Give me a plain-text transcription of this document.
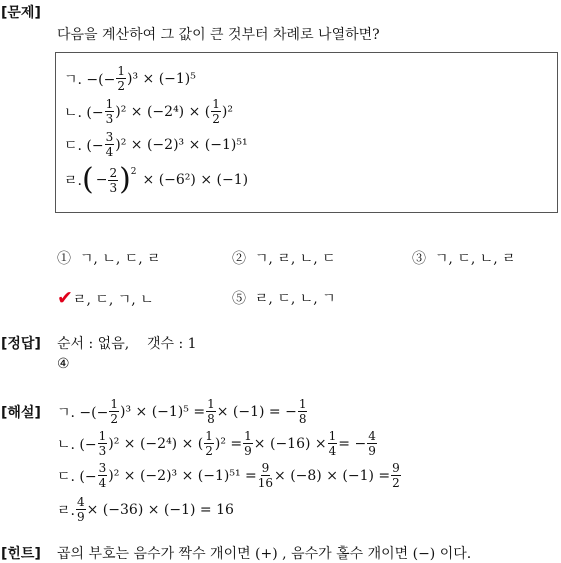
[문제]
다음을 계산하여 그 값이 큰 것부터 차례로 나열하면?
ㄱ. −(− $\frac{1}{2} )^3 \times (-1)^5$
ㄴ. (− $\frac{1}{3} )^2 \times (-2^4)$ × ( $\frac{1}{2} )^2$
ㄷ. (− $\frac{3}{4} )^2 \times (-2)^3 \times (-1)^{51}$
ㄹ. ( − $\frac{2}{3} )^2 \times (-6^2) \times (-1)$
① ㄱ, ㄴ, ㄷ, ㄹ	② ㄱ, ㄹ, ㄴ, ㄷ	③ ㄱ, ㄷ, ㄴ, ㄹ
✔ㄹ, ㄷ, ㄱ, ㄴ	⑤ ㄹ, ㄷ, ㄴ, ㄱ
[정답] 순서 : 없음,    갯수 : 1
④
[해설] ㄱ. −(− $\frac{1}{2} )^3 \times (-1)^5 = \frac{1}{8} \times (-1)$ = − $\frac{1}{8}$
ㄴ. (− $\frac{1}{3} )^2 \times (-2^4)$ × ( $\frac{1}{2} )^2 = \frac{1}{9} \times (-16) \times \frac{1}{4}$ = − $\frac{4}{9}$
ㄷ. (− $\frac{3}{4} )^2 \times (-2)^3 \times (-1)^{51} = \frac{9}{16} \times (-8) \times (-1) = \frac{9}{2}$
ㄹ. $\frac{4}{9} \times (-36) \times (-1) = 16$
[힌트] 곱의 부호는 음수가 짝수 개이면 (+) , 음수가 홀수 개이면 (−) 이다.
